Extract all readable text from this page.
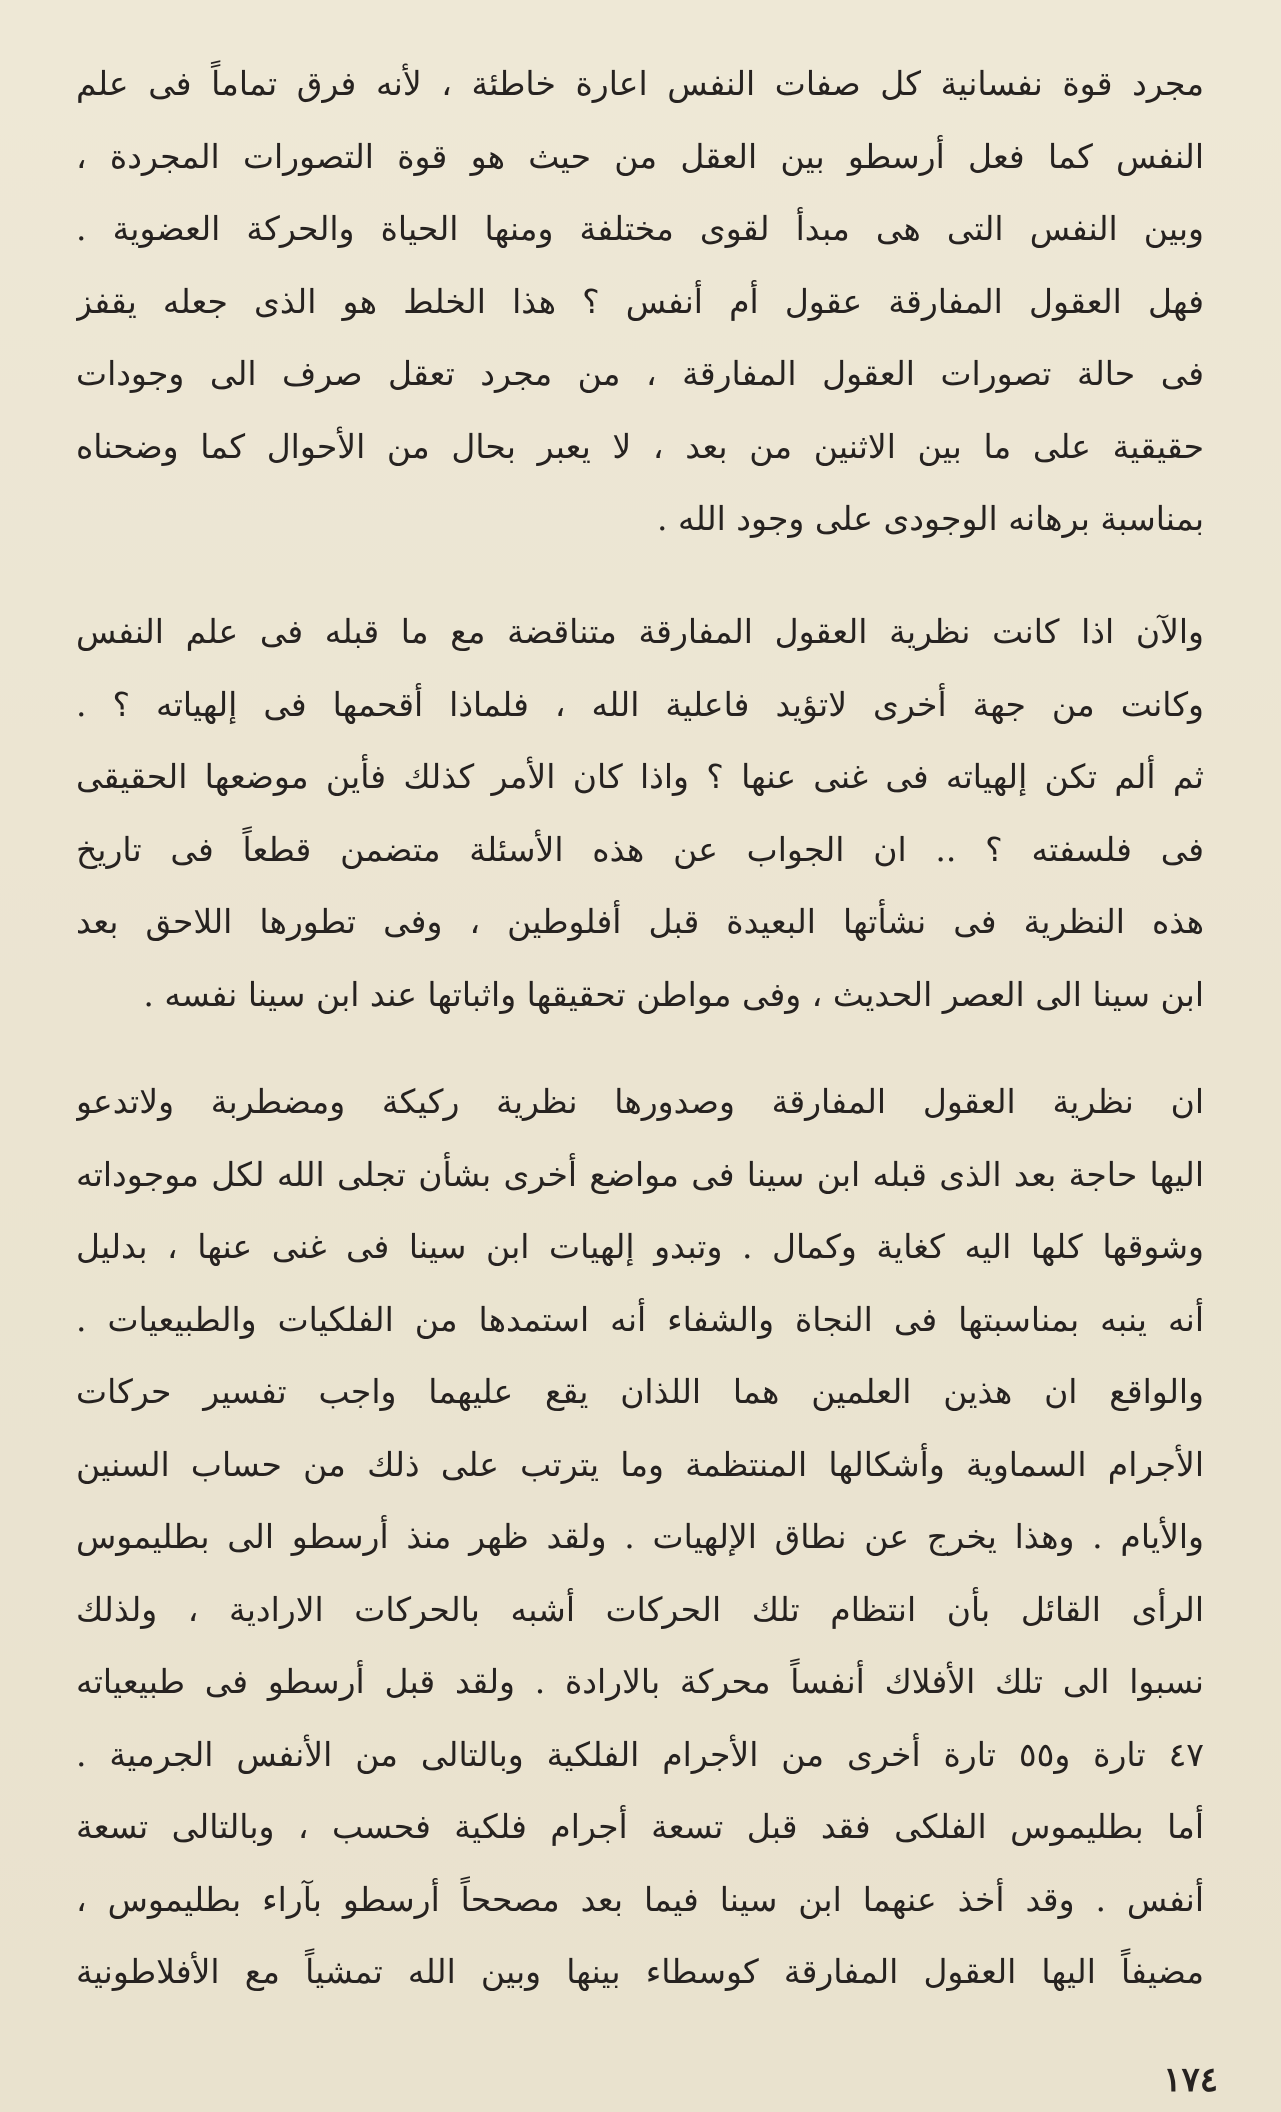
مجرد قوة نفسانية كل صفات النفس اعارة خاطئة ، لأنه فرق تماماً فى علم
النفس كما فعل أرسطو بين العقل من حيث هو قوة التصورات المجردة ،
وبين النفس التى هى مبدأ لقوى مختلفة ومنها الحياة والحركة العضوية .
فهل العقول المفارقة عقول أم أنفس ؟ هذا الخلط هو الذى جعله يقفز
فى حالة تصورات العقول المفارقة ، من مجرد تعقل صرف الى وجودات
حقيقية على ما بين الاثنين من بعد ، لا يعبر بحال من الأحوال كما وضحناه
بمناسبة برهانه الوجودى على وجود الله .
والآن اذا كانت نظرية العقول المفارقة متناقضة مع ما قبله فى علم النفس
وكانت من جهة أخرى لاتؤيد فاعلية الله ، فلماذا أقحمها فى إلهياته ؟ .
ثم ألم تكن إلهياته فى غنى عنها ؟ واذا كان الأمر كذلك فأين موضعها الحقيقى
فى فلسفته ؟ .. ان الجواب عن هذه الأسئلة متضمن قطعاً فى تاريخ
هذه النظرية فى نشأتها البعيدة قبل أفلوطين ، وفى تطورها اللاحق بعد
ابن سينا الى العصر الحديث ، وفى مواطن تحقيقها واثباتها عند ابن سينا نفسه .
ان نظرية العقول المفارقة وصدورها نظرية ركيكة ومضطربة ولاتدعو
اليها حاجة بعد الذى قبله ابن سينا فى مواضع أخرى بشأن تجلى الله لكل موجوداته
وشوقها كلها اليه كغاية وكمال . وتبدو إلهيات ابن سينا فى غنى عنها ، بدليل
أنه ينبه بمناسبتها فى النجاة والشفاء أنه استمدها من الفلكيات والطبيعيات .
والواقع ان هذين العلمين هما اللذان يقع عليهما واجب تفسير حركات
الأجرام السماوية وأشكالها المنتظمة وما يترتب على ذلك من حساب السنين
والأيام . وهذا يخرج عن نطاق الإلهيات . ولقد ظهر منذ أرسطو الى بطليموس
الرأى القائل بأن انتظام تلك الحركات أشبه بالحركات الارادية ، ولذلك
نسبوا الى تلك الأفلاك أنفساً محركة بالارادة . ولقد قبل أرسطو فى طبيعياته
٤٧ تارة و٥٥ تارة أخرى من الأجرام الفلكية وبالتالى من الأنفس الجرمية .
أما بطليموس الفلكى فقد قبل تسعة أجرام فلكية فحسب ، وبالتالى تسعة
أنفس . وقد أخذ عنهما ابن سينا فيما بعد مصححاً أرسطو بآراء بطليموس ،
مضيفاً اليها العقول المفارقة كوسطاء بينها وبين الله تمشياً مع الأفلاطونية
١٧٤
